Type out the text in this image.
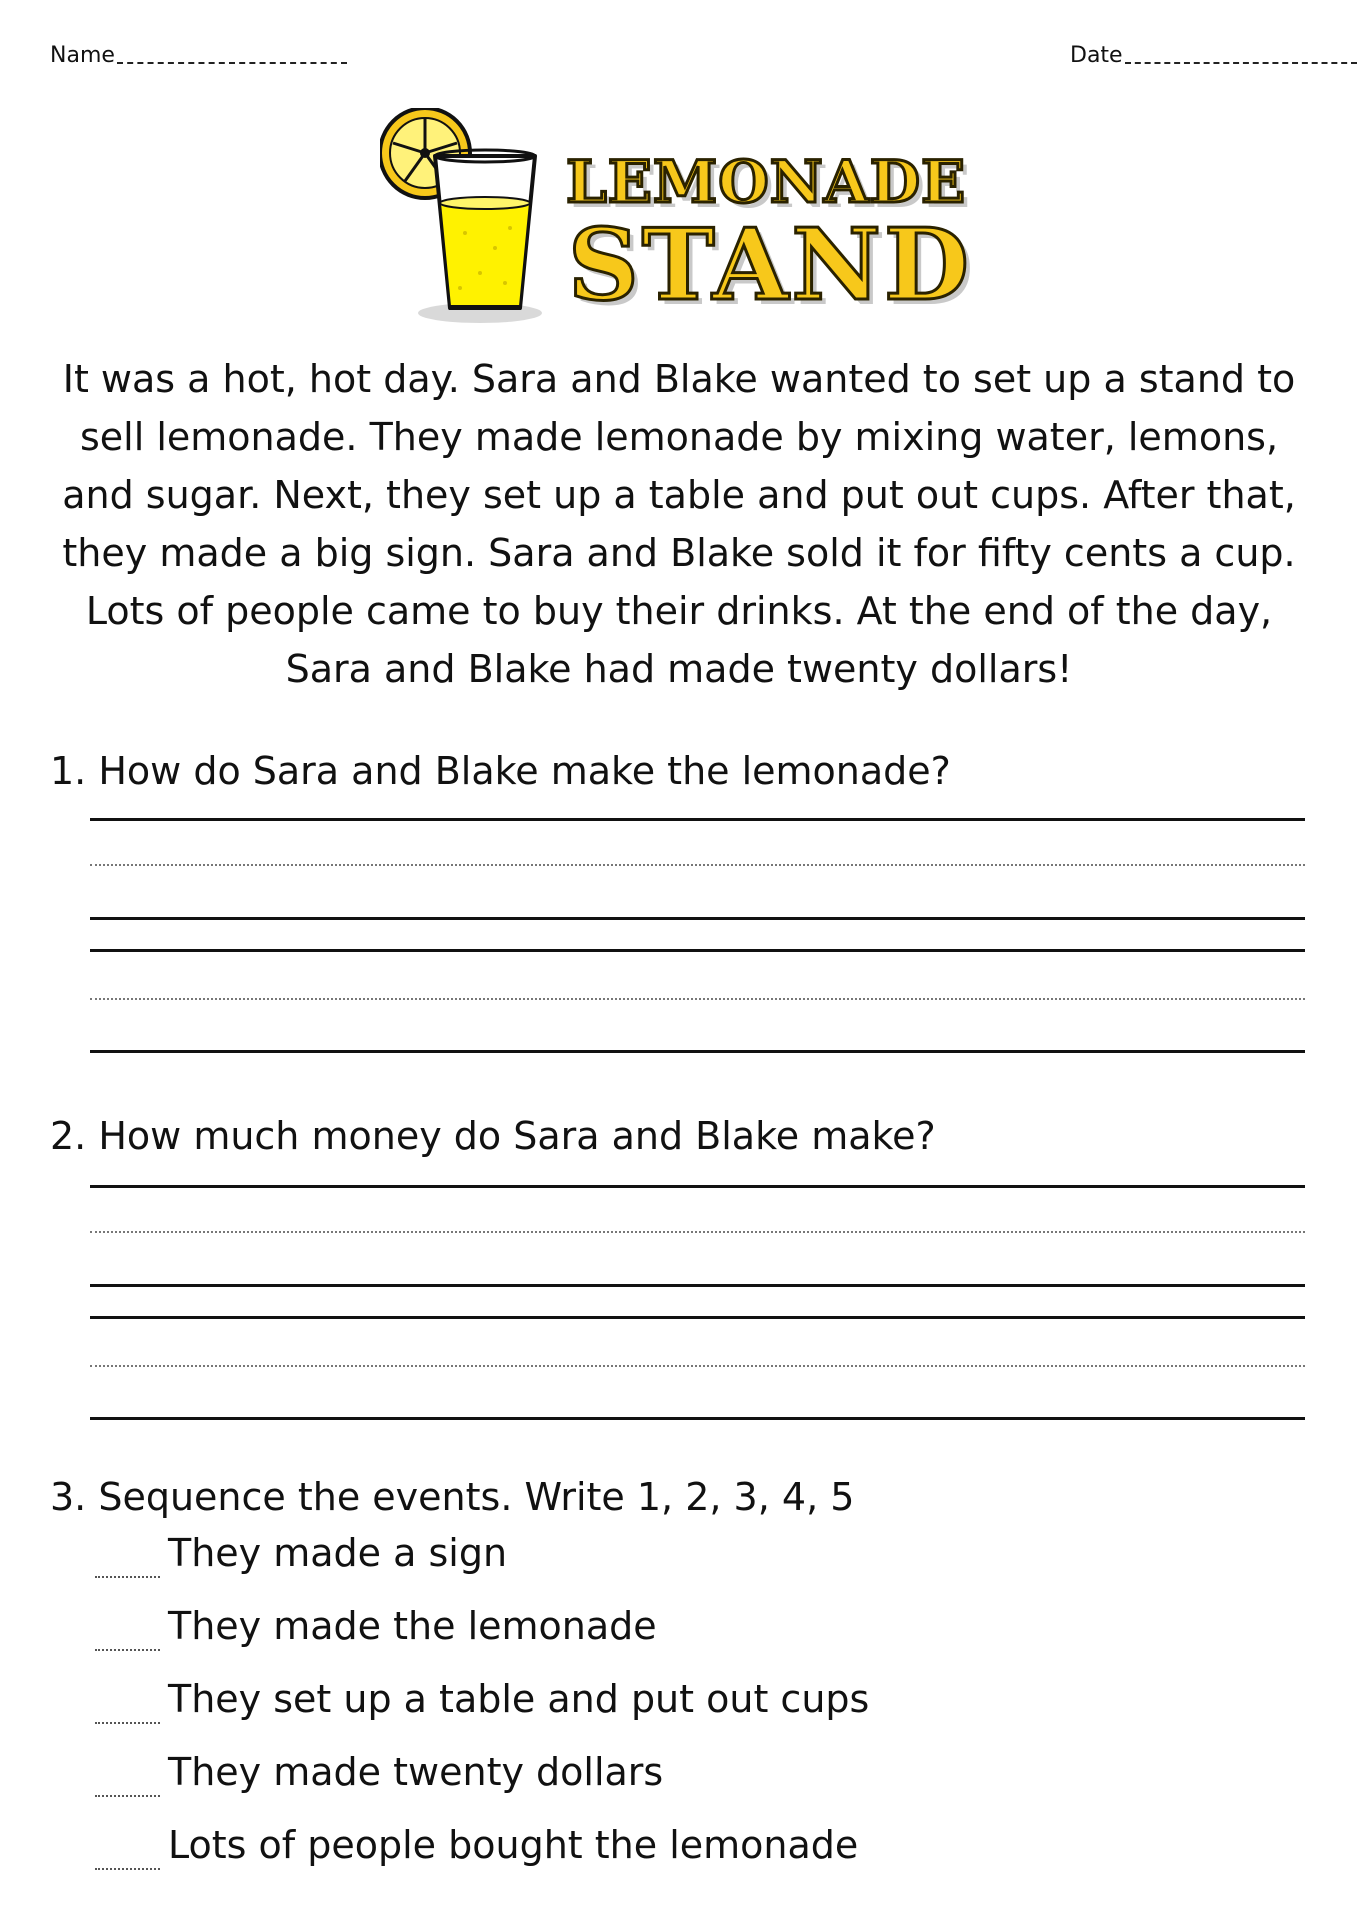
Name	Date
LEMONADE
STAND
It was a hot, hot day. Sara and Blake wanted to set up a stand to sell lemonade. They made lemonade by mixing water, lemons, and sugar. Next, they set up a table and put out cups. After that, they made a big sign. Sara and Blake sold it for fifty cents a cup. Lots of people came to buy their drinks. At the end of the day, Sara and Blake had made twenty dollars!
1. How do Sara and Blake make the lemonade?
2. How much money do Sara and Blake make?
3. Sequence the events. Write 1, 2, 3, 4, 5
They made a sign
They made the lemonade
They set up a table and put out cups
They made twenty dollars
Lots of people bought the lemonade
